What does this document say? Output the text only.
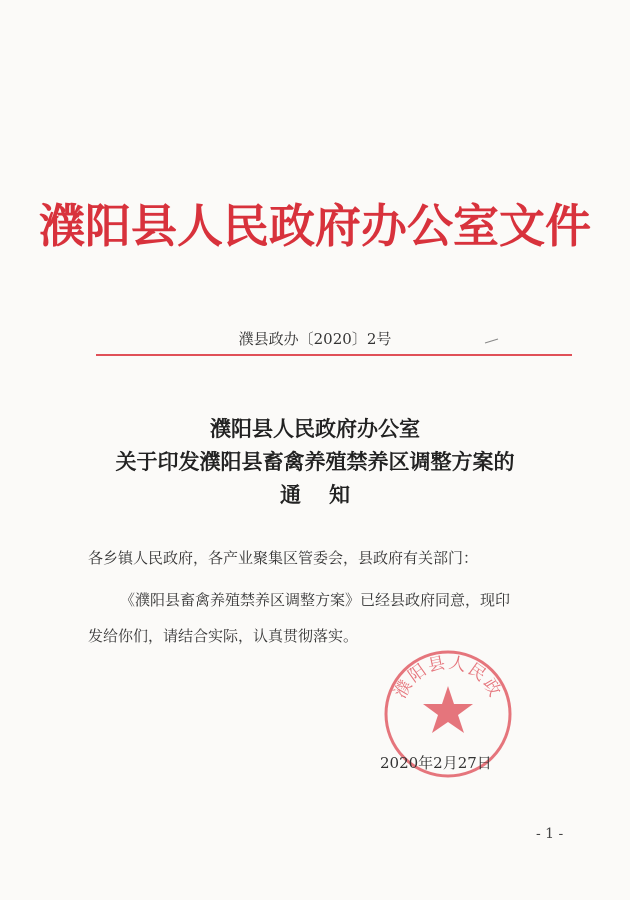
濮阳县人民政府办公室文件
濮县政办〔2020〕2号
濮阳县人民政府办公室
关于印发濮阳县畜禽养殖禁养区调整方案的
通知
各乡镇人民政府，各产业聚集区管委会，县政府有关部门：
《濮阳县畜禽养殖禁养区调整方案》已经县政府同意，现印
发给你们，请结合实际，认真贯彻落实。
濮阳县人民政
2020年2月27日
- 1 -
